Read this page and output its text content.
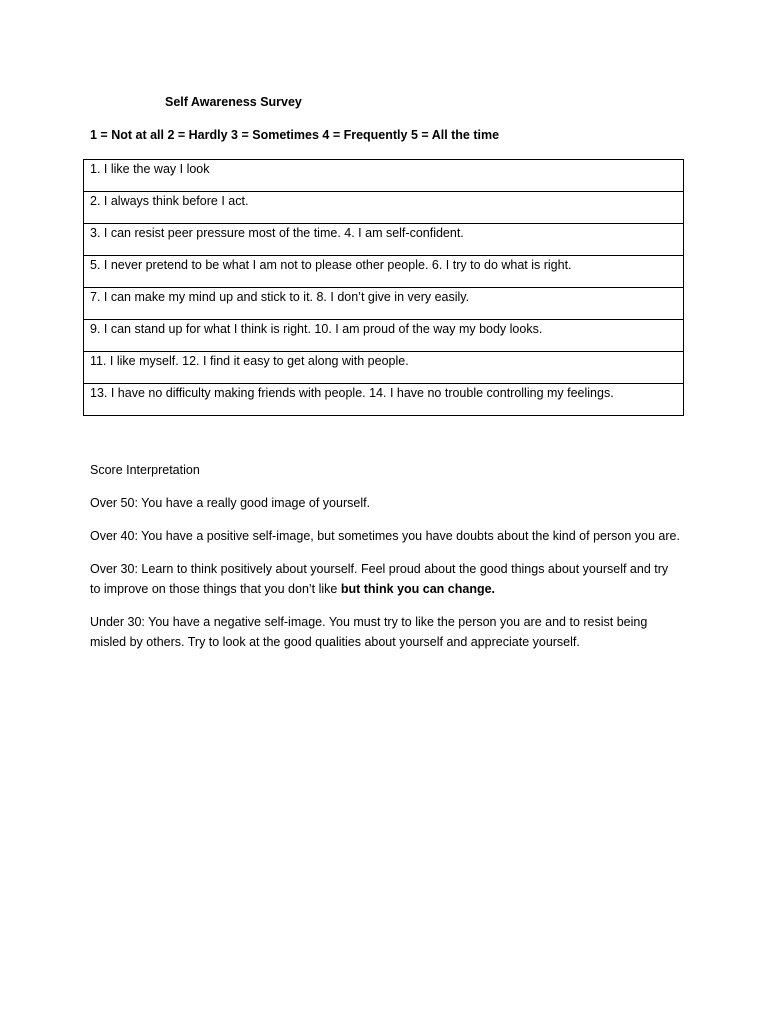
Self Awareness Survey
1 = Not at all 2 = Hardly 3 = Sometimes 4 = Frequently 5 = All the time
1. I like the way I look
2. I always think before I act.
3. I can resist peer pressure most of the time. 4. I am self-confident.
5. I never pretend to be what I am not to please other people. 6. I try to do what is right.
7. I can make my mind up and stick to it. 8. I don’t give in very easily.
9. I can stand up for what I think is right. 10. I am proud of the way my body looks.
11. I like myself. 12. I find it easy to get along with people.
13. I have no difficulty making friends with people. 14. I have no trouble controlling my feelings.

Score Interpretation

Over 50: You have a really good image of yourself.

Over 40: You have a positive self-image, but sometimes you have doubts about the kind of person you are.

Over 30: Learn to think positively about yourself. Feel proud about the good things about yourself and try to improve on those things that you don’t like but think you can change.

Under 30: You have a negative self-image. You must try to like the person you are and to resist being misled by others. Try to look at the good qualities about yourself and appreciate yourself.
